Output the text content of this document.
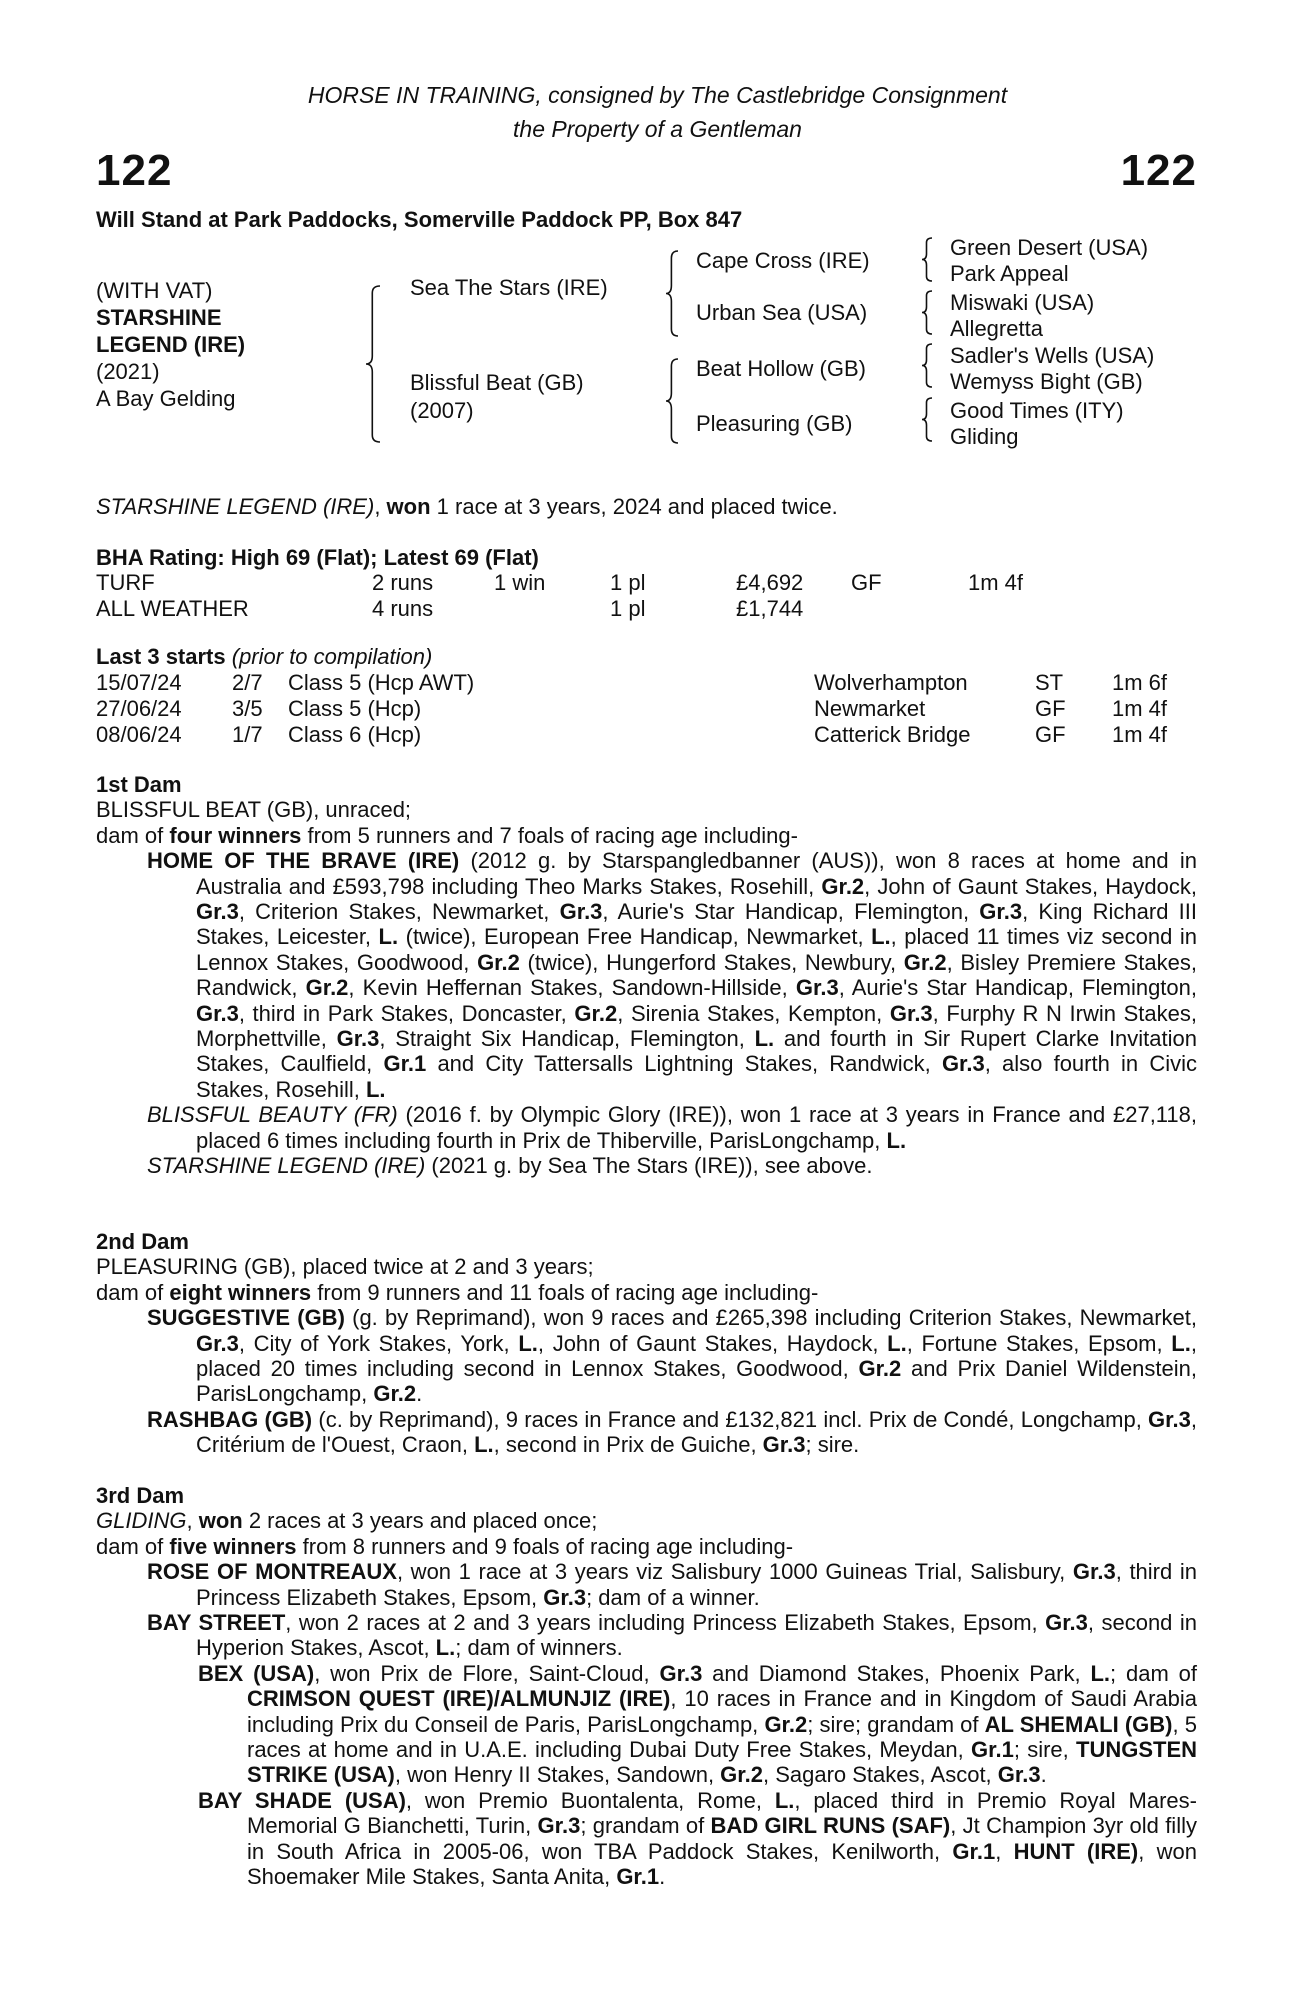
HORSE IN TRAINING, consigned by The Castlebridge Consignment
the Property of a Gentleman
122	122
Will Stand at Park Paddocks, Somerville Paddock PP, Box 847
(WITH VAT)
STARSHINE
LEGEND (IRE)
(2021)
A Bay Gelding
Sea The Stars (IRE)
Blissful Beat (GB)
(2007)
Cape Cross (IRE)
Urban Sea (USA)
Beat Hollow (GB)
Pleasuring (GB)
Green Desert (USA)
Park Appeal
Miswaki (USA)
Allegretta
Sadler's Wells (USA)
Wemyss Bight (GB)
Good Times (ITY)
Gliding
STARSHINE LEGEND (IRE), won 1 race at 3 years, 2024 and placed twice.
BHA Rating: High 69 (Flat); Latest 69 (Flat)
TURF	2 runs	1 win	1 pl	£4,692 GF	1m 4f
ALL WEATHER	4 runs	1 pl	£1,744
Last 3 starts (prior to compilation)
15/07/24 2/7 Class 5 (Hcp AWT)	Wolverhampton	ST 1m 6f
27/06/24 3/5 Class 5 (Hcp)	Newmarket	GF 1m 4f
08/06/24 1/7 Class 6 (Hcp)	Catterick Bridge	GF 1m 4f
1st Dam
BLISSFUL BEAT (GB), unraced;
dam of four winners from 5 runners and 7 foals of racing age including-
HOME OF THE BRAVE (IRE) (2012 g. by Starspangledbanner (AUS)), won 8 races at home and in Australia and £593,798 including Theo Marks Stakes, Rosehill, Gr.2, John of Gaunt Stakes, Haydock, Gr.3, Criterion Stakes, Newmarket, Gr.3, Aurie's Star Handicap, Flemington, Gr.3, King Richard III Stakes, Leicester, L. (twice), European Free Handicap, Newmarket, L., placed 11 times viz second in Lennox Stakes, Goodwood, Gr.2 (twice), Hungerford Stakes, Newbury, Gr.2, Bisley Premiere Stakes, Randwick, Gr.2, Kevin Heffernan Stakes, Sandown-Hillside, Gr.3, Aurie's Star Handicap, Flemington, Gr.3, third in Park Stakes, Doncaster, Gr.2, Sirenia Stakes, Kempton, Gr.3, Furphy R N Irwin Stakes, Morphettville, Gr.3, Straight Six Handicap, Flemington, L. and fourth in Sir Rupert Clarke Invitation Stakes, Caulfield, Gr.1 and City Tattersalls Lightning Stakes, Randwick, Gr.3, also fourth in Civic Stakes, Rosehill, L.
BLISSFUL BEAUTY (FR) (2016 f. by Olympic Glory (IRE)), won 1 race at 3 years in France and £27,118, placed 6 times including fourth in Prix de Thiberville, ParisLongchamp, L.
STARSHINE LEGEND (IRE) (2021 g. by Sea The Stars (IRE)), see above.
2nd Dam
PLEASURING (GB), placed twice at 2 and 3 years;
dam of eight winners from 9 runners and 11 foals of racing age including-
SUGGESTIVE (GB) (g. by Reprimand), won 9 races and £265,398 including Criterion Stakes, Newmarket, Gr.3, City of York Stakes, York, L., John of Gaunt Stakes, Haydock, L., Fortune Stakes, Epsom, L., placed 20 times including second in Lennox Stakes, Goodwood, Gr.2 and Prix Daniel Wildenstein, ParisLongchamp, Gr.2.
RASHBAG (GB) (c. by Reprimand), 9 races in France and £132,821 incl. Prix de Condé, Longchamp, Gr.3, Critérium de l'Ouest, Craon, L., second in Prix de Guiche, Gr.3; sire.
3rd Dam
GLIDING, won 2 races at 3 years and placed once;
dam of five winners from 8 runners and 9 foals of racing age including-
ROSE OF MONTREAUX, won 1 race at 3 years viz Salisbury 1000 Guineas Trial, Salisbury, Gr.3, third in Princess Elizabeth Stakes, Epsom, Gr.3; dam of a winner.
BAY STREET, won 2 races at 2 and 3 years including Princess Elizabeth Stakes, Epsom, Gr.3, second in Hyperion Stakes, Ascot, L.; dam of winners.
BEX (USA), won Prix de Flore, Saint-Cloud, Gr.3 and Diamond Stakes, Phoenix Park, L.; dam of CRIMSON QUEST (IRE)/ALMUNJIZ (IRE), 10 races in France and in Kingdom of Saudi Arabia including Prix du Conseil de Paris, ParisLongchamp, Gr.2; sire; grandam of AL SHEMALI (GB), 5 races at home and in U.A.E. including Dubai Duty Free Stakes, Meydan, Gr.1; sire, TUNGSTEN STRIKE (USA), won Henry II Stakes, Sandown, Gr.2, Sagaro Stakes, Ascot, Gr.3.
BAY SHADE (USA), won Premio Buontalenta, Rome, L., placed third in Premio Royal Mares-Memorial G Bianchetti, Turin, Gr.3; grandam of BAD GIRL RUNS (SAF), Jt Champion 3yr old filly in South Africa in 2005-06, won TBA Paddock Stakes, Kenilworth, Gr.1, HUNT (IRE), won Shoemaker Mile Stakes, Santa Anita, Gr.1.
